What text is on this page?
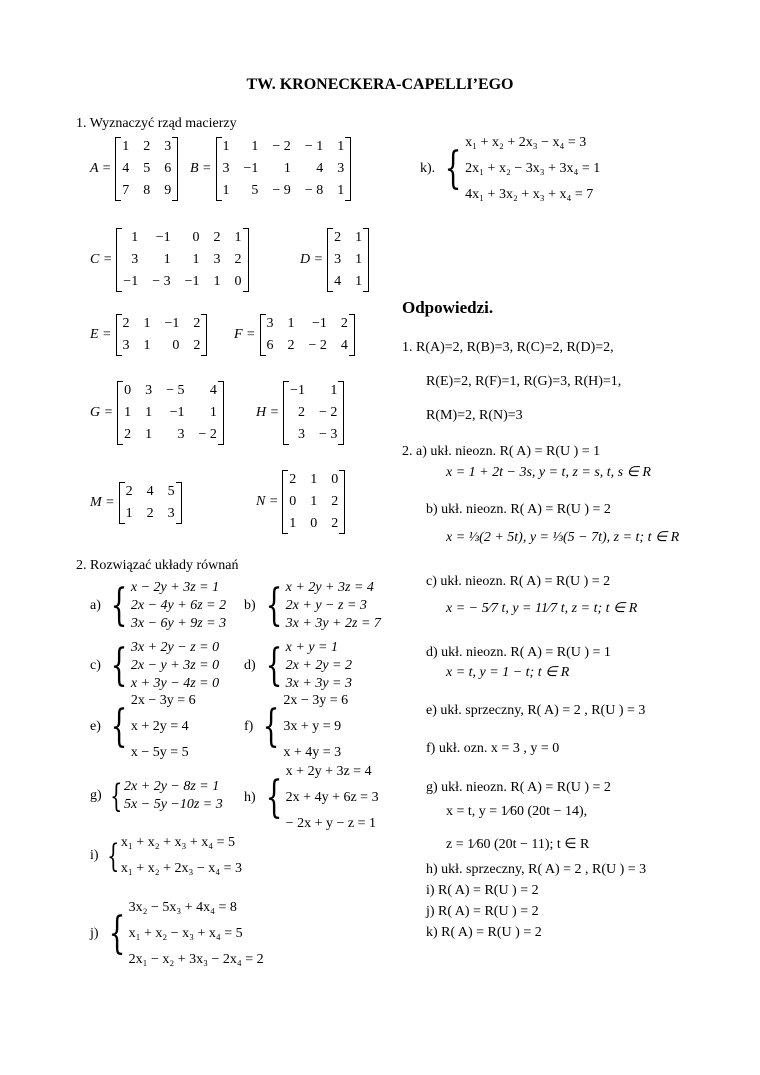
TW. KRONECKERA-CAPELLI’EGO
1. Wyznaczyć rząd macierzy
A =
1 2 3
4 5 6
7 8 9
B =
1	1 − 2 − 1 1
3 −1	1	4 3
1	5 − 9 − 8 1
C =
1 −1	0 2 1
3	1	1 3 2
−1 − 3 −1 1 0
D =
2 1
3 1
4 1
E =
2 1 −1 2
3 1	0 2
F =
3 1 −1 2
6 2 − 2 4
G =
0 3 − 5	4
1 1 −1	1
2 1	3 − 2
H =
−1	1
2 − 2
3 − 3
M =
2 4 5
1 2 3
N =
2 1 0
0 1 2
1 0 2
2. Rozwiązać układy równań
a) { x − 2y + 3z = 1
2x − 4y + 6z = 2
3x − 6y + 9z = 3
b) { x + 2y + 3z = 4
2x + y − z = 3
3x + 3y + 2z = 7
c) { 3x + 2y − z = 0
2x − y + 3z = 0
x + 3y − 4z = 0
d) { x + y = 1
2x + 2y = 2
3x + 3y = 3
e) {
2x − 3y = 6
x + 2y = 4
x − 5y = 5
f) {
2x − 3y = 6
3x + y = 9
x + 4y = 3
g) { 2x + 2y − 8z = 1
5x − 5y −10z = 3 h) {
x + 2y + 3z = 4
2x + 4y + 6z = 3
− 2x + y − z = 1
i) { x₁ + x₂ + x₃ + x₄ = 5
x₁ + x₂ + 2x₃ − x₄ = 3
j) {
3x₂ − 5x₃ + 4x₄ = 8
x₁ + x₂ − x₃ + x₄ = 5
2x₁ − x₂ + 3x₃ − 2x₄ = 2
k). {
x₁ + x₂ + 2x₃ − x₄ = 3
2x₁ + x₂ − 3x₃ + 3x₄ = 1
4x₁ + 3x₂ + x₃ + x₄ = 7
Odpowiedzi.
1. R(A)=2, R(B)=3, R(C)=2, R(D)=2,
R(E)=2, R(F)=1, R(G)=3, R(H)=1,
R(M)=2, R(N)=3
2. a) ukł. nieozn. R( A) = R(U ) = 1
x = 1 + 2t − 3s, y = t, z = s, t, s ∈ R
b) ukł. nieozn. R( A) = R(U ) = 2
x = ⅓(2 + 5t), y = ⅓(5 − 7t), z = t; t ∈ R
c) ukł. nieozn. R( A) = R(U ) = 2
x = − 5⁄7 t, y = 11⁄7 t, z = t; t ∈ R
d) ukł. nieozn. R( A) = R(U ) = 1
x = t, y = 1 − t; t ∈ R
e) ukł. sprzeczny, R( A) = 2 , R(U ) = 3
f) ukł. ozn. x = 3 , y = 0
g) ukł. nieozn. R( A) = R(U ) = 2
x = t, y = 1⁄60 (20t − 14),
z = 1⁄60 (20t − 11); t ∈ R
h) ukł. sprzeczny, R( A) = 2 , R(U ) = 3
i) R( A) = R(U ) = 2
j) R( A) = R(U ) = 2
k) R( A) = R(U ) = 2
